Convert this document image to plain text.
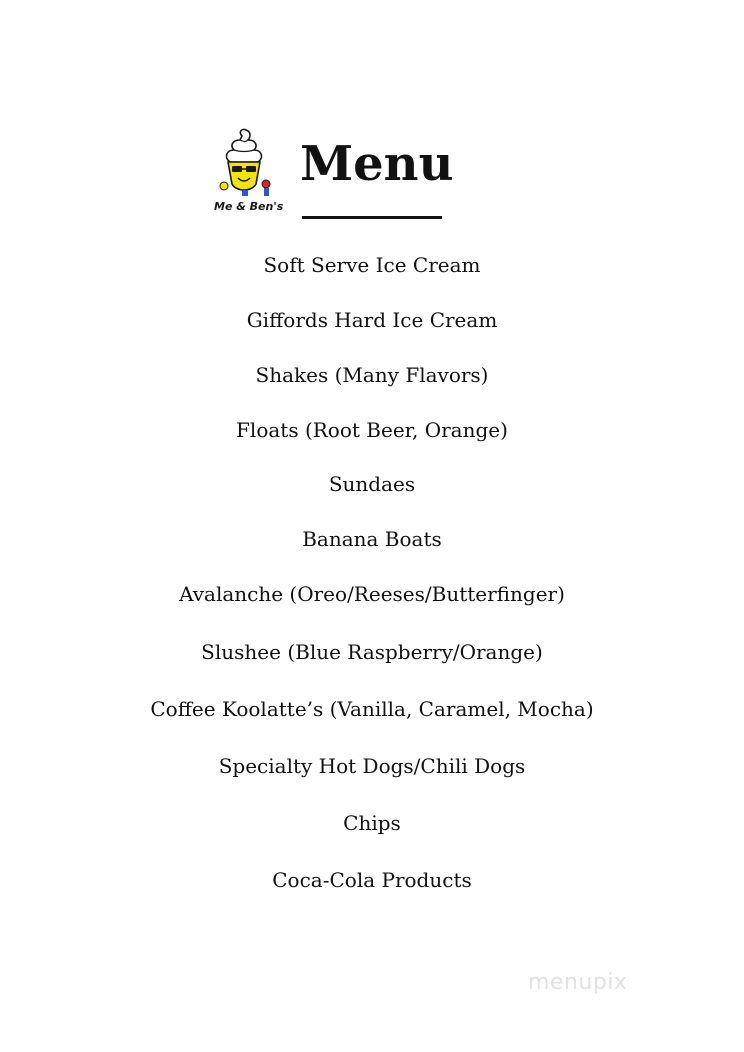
Me & Ben's
Menu
Soft Serve Ice Cream
Giffords Hard Ice Cream
Shakes (Many Flavors)
Floats (Root Beer, Orange)
Sundaes
Banana Boats
Avalanche (Oreo/Reeses/Butterfinger)
Slushee (Blue Raspberry/Orange)
Coffee Koolatte’s (Vanilla, Caramel, Mocha)
Specialty Hot Dogs/Chili Dogs
Chips
Coca-Cola Products
menupix
